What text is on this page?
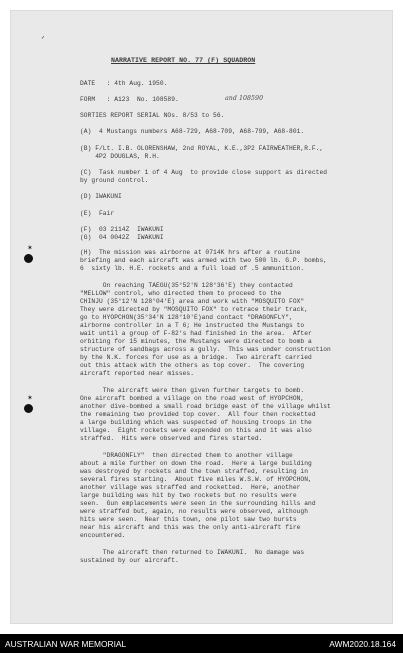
NARRATIVE REPORT NO. 77 (F) SQUADRON
DATE   : 4th Aug. 1950.
FORM   : A123  No. 108589.	and 108590
SORTIES REPORT SERIAL NOs. 8/53 to 56.
(A)  4 Mustangs numbers A68-729, A68-709, A68-799, A68-801.
(B) F/Lt. I.B. OLORENSHAW, 2nd ROYAL, K.E.,3P2 FAIRWEATHER,R.F.,
4P2 DOUGLAS, R.H.
(C)  Task number 1 of 4 Aug  to provide close support as directed
by ground control.
(D) IWAKUNI
(E)  Fair
(F)  03 2114Z  IWAKUNI
(G)  04 0042Z  IWAKUNI
(H)  The mission was airborne at 0714K hrs after a routine
briefing and each aircraft was armed with two 500 lb. G.P. bombs,
6  sixty lb. H.E. rockets and a full load of .5 ammunition.
On reaching TAEGU(35°52'N 128°36'E) they contacted
"MELLOW" control, who directed them to proceed to the
CHINJU (35°12'N 128°04'E) area and work with "MOSQUITO FOX"
They were directed by "MOSQUITO FOX" to retrace their track,
go to HYOPCHON(35°34'N 128°10'E)and contact "DRAGONFLY",
airborne controller in a T 6; He instructed the Mustangs to
wait until a group of F-82's had finished in the area.  After
orbiting for 15 minutes, the Mustangs were directed to bomb a
structure of sandbags across a gully.  This was under construction
by the N.K. forces for use as a bridge.  Two aircraft carried
out this attack with the others as top cover.  The covering
aircraft reported near misses.
The aircraft were then given further targets to bomb.
One aircraft bombed a village on the road west of HYOPCHON,
another dive-bombed a small road bridge east of the village whilst
the remaining two provided top cover.  All four then rocketted
a large building which was suspected of housing troops in the
village.  Eight rockets were expended on this and it was also
straffed.  Hits were observed and fires started.
"DRAGONFLY"  then directed them to another village
about a mile further on down the road.  Here a large building
was destroyed by rockets and the town straffed, resulting in
several fires starting.  About five miles W.S.W. of HYOPCHON,
another village was straffed and rocketted.  Here, another
large building was hit by two rockets but no results were
seen.  Gun emplacements were seen in the surrounding hills and
were straffed but, again, no results were observed, although
hits were seen.  Near this town, one pilot saw two bursts
near his aircraft and this was the only anti-aircraft fire
encountered.
The aircraft then returned to IWAKUNI.  No damage was
sustained by our aircraft.
✶
✶
✓
AUSTRALIAN WAR MEMORIAL	AWM2020.18.164
